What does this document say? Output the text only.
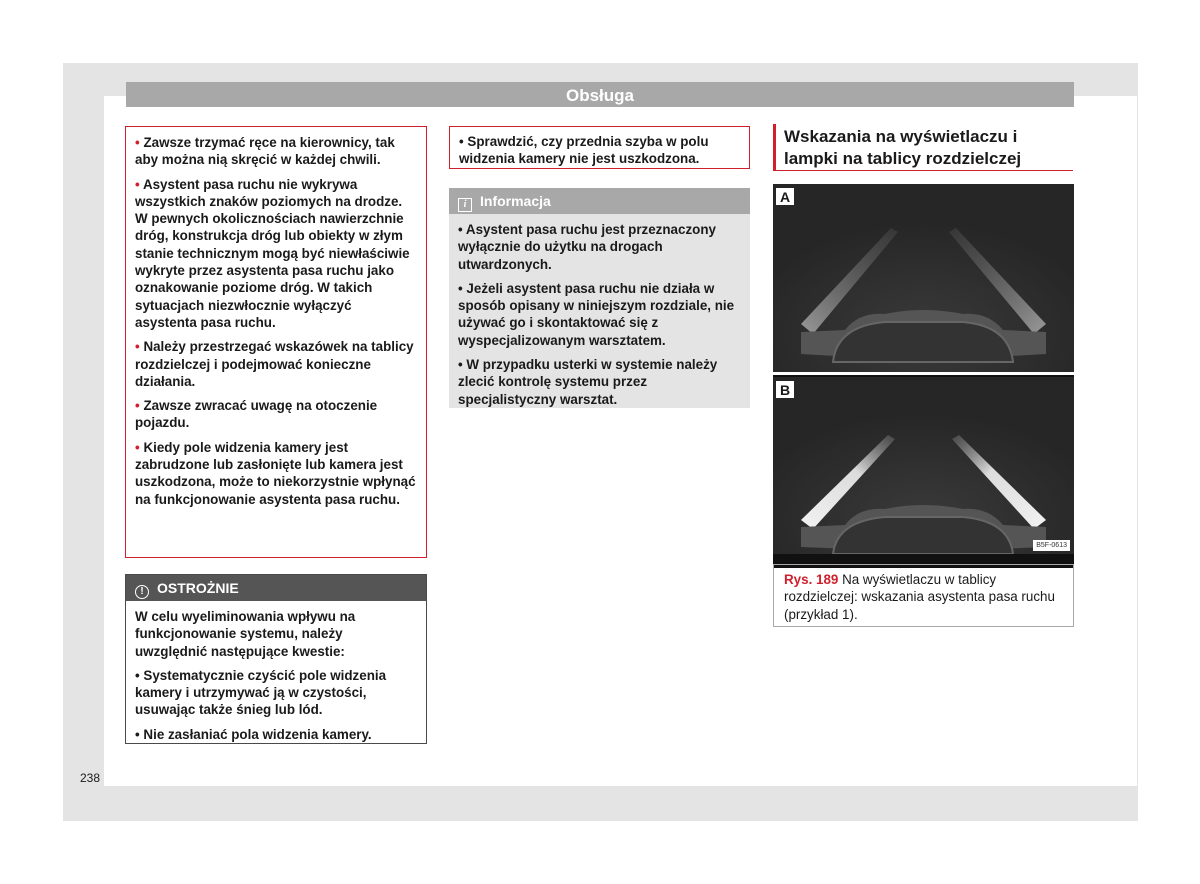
Obsługa

• Zawsze trzymać ręce na kierownicy, tak aby można nią skręcić w każdej chwili.

• Asystent pasa ruchu nie wykrywa wszystkich znaków poziomych na drodze. W pewnych okolicznościach nawierzchnie dróg, konstrukcja dróg lub obiekty w złym stanie technicznym mogą być niewłaściwie wykryte przez asystenta pasa ruchu jako oznakowanie poziome dróg. W takich sytuacjach niezwłocznie wyłączyć asystenta pasa ruchu.

• Należy przestrzegać wskazówek na tablicy rozdzielczej i podejmować konieczne działania.

• Zawsze zwracać uwagę na otoczenie pojazdu.

• Kiedy pole widzenia kamery jest zabrudzone lub zasłonięte lub kamera jest uszkodzona, może to niekorzystnie wpłynąć na funkcjonowanie asystenta pasa ruchu.

! OSTROŻNIE

W celu wyeliminowania wpływu na funkcjonowanie systemu, należy uwzględnić następujące kwestie:

• Systematycznie czyścić pole widzenia kamery i utrzymywać ją w czystości, usuwając także śnieg lub lód.

• Nie zasłaniać pola widzenia kamery.

• Sprawdzić, czy przednia szyba w polu widzenia kamery nie jest uszkodzona.

i Informacja

• Asystent pasa ruchu jest przeznaczony wyłącznie do użytku na drogach utwardzonych.

• Jeżeli asystent pasa ruchu nie działa w sposób opisany w niniejszym rozdziale, nie używać go i skontaktować się z wyspecjalizowanym warsztatem.

• W przypadku usterki w systemie należy zlecić kontrolę systemu przez specjalistyczny warsztat.

Wskazania na wyświetlaczu i lampki na tablicy rozdzielczej
A
B
B5F-0613
Rys. 189 Na wyświetlaczu w tablicy rozdzielczej: wskazania asystenta pasa ruchu (przykład 1).
238
